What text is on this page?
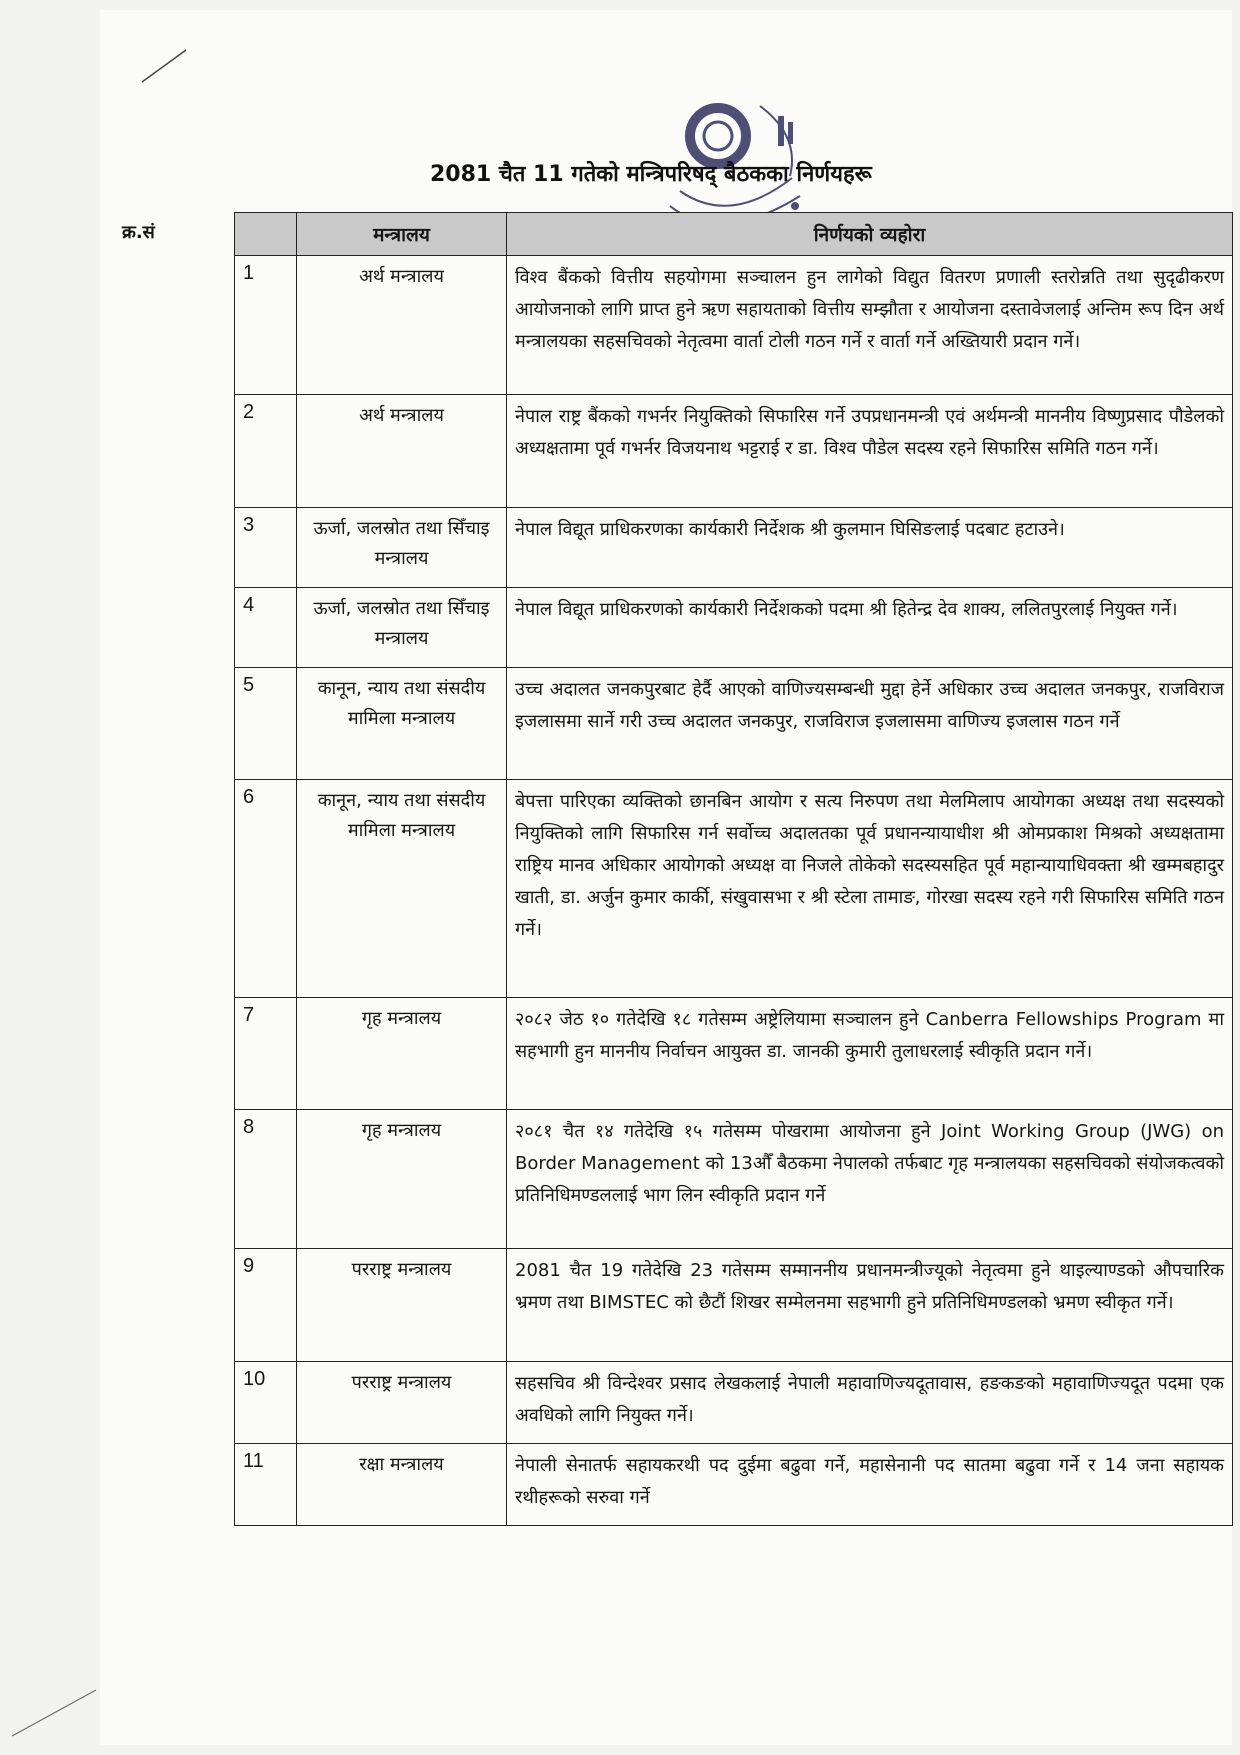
2081 चैत 11 गतेको मन्त्रिपरिषद् बैठकका निर्णयहरू
क्र.सं
		मन्त्रालय	निर्णयको व्यहोरा
1	अर्थ मन्त्रालय	विश्व बैंकको वित्तीय सहयोगमा सञ्चालन हुन लागेको विद्युत वितरण प्रणाली स्तरोन्नति तथा सुदृढीकरण आयोजनाको लागि प्राप्त हुने ऋण सहायताको वित्तीय सम्झौता र आयोजना दस्तावेजलाई अन्तिम रूप दिन अर्थ मन्त्रालयका सहसचिवको नेतृत्वमा वार्ता टोली गठन गर्ने र वार्ता गर्ने अख्तियारी प्रदान गर्ने।
2	अर्थ मन्त्रालय	नेपाल राष्ट्र बैंकको गभर्नर नियुक्तिको सिफारिस गर्ने उपप्रधानमन्त्री एवं अर्थमन्त्री माननीय विष्णुप्रसाद पौडेलको अध्यक्षतामा पूर्व गभर्नर विजयनाथ भट्टराई र डा. विश्व पौडेल सदस्य रहने सिफारिस समिति गठन गर्ने।
3	ऊर्जा, जलस्रोत तथा सिँचाइ मन्त्रालय	नेपाल विद्यूत प्राधिकरणका कार्यकारी निर्देशक श्री कुलमान घिसिङलाई पदबाट हटाउने।
4	ऊर्जा, जलस्रोत तथा सिँचाइ मन्त्रालय	नेपाल विद्यूत प्राधिकरणको कार्यकारी निर्देशकको पदमा श्री हितेन्द्र देव शाक्य, ललितपुरलाई नियुक्त गर्ने।
5	कानून, न्याय तथा संसदीय मामिला मन्त्रालय	उच्च अदालत जनकपुरबाट हेर्दै आएको वाणिज्यसम्बन्धी मुद्दा हेर्ने अधिकार उच्च अदालत जनकपुर, राजविराज इजलासमा सार्ने गरी उच्च अदालत जनकपुर, राजविराज इजलासमा वाणिज्य इजलास गठन गर्ने
6	कानून, न्याय तथा संसदीय मामिला मन्त्रालय	बेपत्ता पारिएका व्यक्तिको छानबिन आयोग र सत्य निरुपण तथा मेलमिलाप आयोगका अध्यक्ष तथा सदस्यको नियुक्तिको लागि सिफारिस गर्न सर्वोच्च अदालतका पूर्व प्रधानन्यायाधीश श्री ओमप्रकाश मिश्रको अध्यक्षतामा राष्ट्रिय मानव अधिकार आयोगको अध्यक्ष वा निजले तोकेको सदस्यसहित पूर्व महान्यायाधिवक्ता श्री खम्मबहादुर खाती, डा. अर्जुन कुमार कार्की, संखुवासभा र श्री स्टेला तामाङ, गोरखा सदस्य रहने गरी सिफारिस समिति गठन गर्ने।
7	गृह मन्त्रालय	२०८२ जेठ १० गतेदेखि १८ गतेसम्म अष्ट्रेलियामा सञ्चालन हुने Canberra Fellowships Program मा सहभागी हुन माननीय निर्वाचन आयुक्त डा. जानकी कुमारी तुलाधरलाई स्वीकृति प्रदान गर्ने।
8	गृह मन्त्रालय	२०८१ चैत १४ गतेदेखि १५ गतेसम्म पोखरामा आयोजना हुने Joint Working Group (JWG) on Border Management को 13औँ बैठकमा नेपालको तर्फबाट गृह मन्त्रालयका सहसचिवको संयोजकत्वको प्रतिनिधिमण्डललाई भाग लिन स्वीकृति प्रदान गर्ने
9	परराष्ट्र मन्त्रालय	2081 चैत 19 गतेदेखि 23 गतेसम्म सम्माननीय प्रधानमन्त्रीज्यूको नेतृत्वमा हुने थाइल्याण्डको औपचारिक भ्रमण तथा BIMSTEC को छैटौं शिखर सम्मेलनमा सहभागी हुने प्रतिनिधिमण्डलको भ्रमण स्वीकृत गर्ने।
10	परराष्ट्र मन्त्रालय	सहसचिव श्री विन्देश्वर प्रसाद लेखकलाई नेपाली महावाणिज्यदूतावास, हङकङको महावाणिज्यदूत पदमा एक अवधिको लागि नियुक्त गर्ने।
11	रक्षा मन्त्रालय	नेपाली सेनातर्फ सहायकरथी पद दुईमा बढुवा गर्ने, महासेनानी पद सातमा बढुवा गर्ने र 14 जना सहायक रथीहरूको सरुवा गर्ने
